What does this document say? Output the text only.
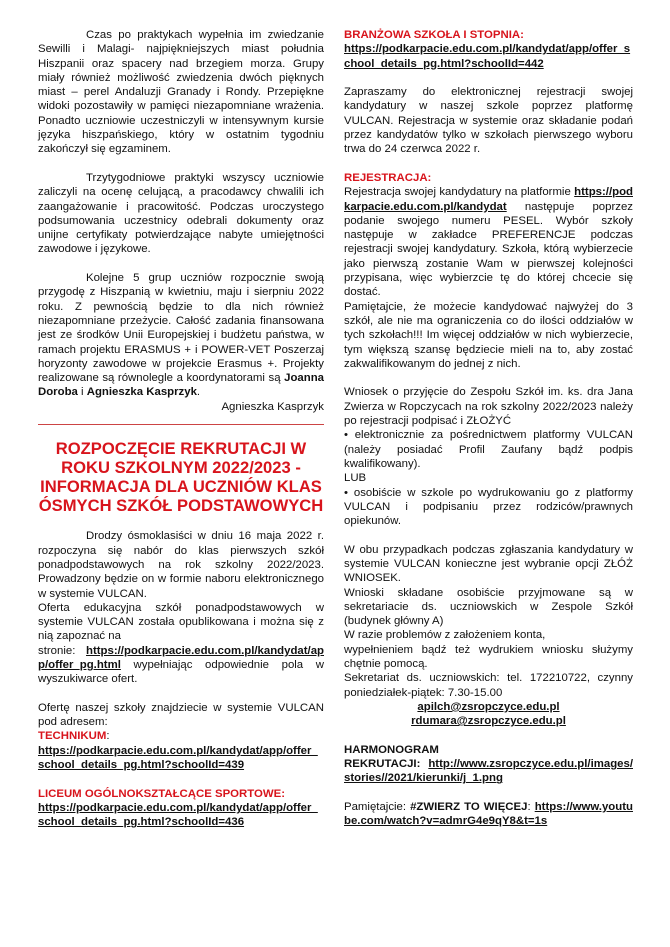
Czas po praktykach wypełnia im zwiedzanie Sewilli i Malagi- najpiękniejszych miast południa Hiszpanii oraz spacery nad brzegiem morza. Grupy miały również możliwość zwiedzenia dwóch pięknych miast – perel Andaluzji Granady i Rondy. Przepiękne widoki pozostawiły w pamięci niezapomniane wrażenia. Ponadto uczniowie uczestniczyli w intensywnym kursie języka hiszpańskiego, który w ostatnim tygodniu zakończył się egzaminem.

Trzytygodniowe praktyki wszyscy uczniowie zaliczyli na ocenę celującą, a pracodawcy chwalili ich zaangażowanie i pracowitość. Podczas uroczystego podsumowania uczestnicy odebrali dokumenty oraz unijne certyfikaty potwierdzające nabyte umiejętności zawodowe i językowe.

Kolejne 5 grup uczniów rozpocznie swoją przygodę z Hiszpanią w kwietniu, maju i sierpniu 2022 roku. Z pewnością będzie to dla nich również niezapomniane przeżycie. Całość zadania finansowana jest ze środków Unii Europejskiej i budżetu państwa, w ramach projektu ERASMUS + i POWER-VET Poszerzaj horyzonty zawodowe w projekcie Erasmus +. Projekty realizowane są równolegle a koordynatorami są Joanna Doroba i Agnieszka Kasprzyk.

Agnieszka Kasprzyk

ROZPOCZĘCIE REKRUTACJI W ROKU SZKOLNYM 2022/2023 - INFORMACJA DLA UCZNIÓW KLAS ÓSMYCH SZKÓŁ PODSTAWOWYCH

Drodzy ósmoklasiści w dniu 16 maja 2022 r. rozpoczyna się nabór do klas pierwszych szkół ponadpodstawowych na rok szkolny 2022/2023. Prowadzony będzie on w formie naboru elektronicznego w systemie VULCAN.

Oferta edukacyjna szkół ponadpodstawowych w systemie VULCAN została opublikowana i można się z nią zapoznać na

stronie: https://podkarpacie.edu.com.pl/kandydat/app/offer_pg.html wypełniając odpowiednie pola w wyszukiwarce ofert.

Ofertę naszej szkoły znajdziecie w systemie VULCAN pod adresem:

TECHNIKUM:

https://podkarpacie.edu.com.pl/kandydat/app/offer_school_details_pg.html?schoolId=439

LICEUM OGÓLNOKSZTAŁCĄCE SPORTOWE:

https://podkarpacie.edu.com.pl/kandydat/app/offer_school_details_pg.html?schoolId=436

BRANŻOWA SZKOŁA I STOPNIA:

https://podkarpacie.edu.com.pl/kandydat/app/offer_school_details_pg.html?schoolId=442

Zapraszamy do elektronicznej rejestracji swojej kandydatury w naszej szkole poprzez platformę VULCAN. Rejestracja w systemie oraz składanie podań przez kandydatów tylko w szkołach pierwszego wyboru trwa do 24 czerwca 2022 r.

REJESTRACJA:

Rejestracja swojej kandydatury na platformie https://podkarpacie.edu.com.pl/kandydat następuje poprzez podanie swojego numeru PESEL. Wybór szkoły następuje w zakładce PREFERENCJE podczas rejestracji swojej kandydatury. Szkoła, którą wybierzecie jako pierwszą zostanie Wam w pierwszej kolejności przypisana, więc wybierzcie tę do której chcecie się dostać.

Pamiętajcie, że możecie kandydować najwyżej do 3 szkół, ale nie ma ograniczenia co do ilości oddziałów w tych szkołach!!! Im więcej oddziałów w nich wybierzecie, tym większą szansę będziecie mieli na to, aby zostać zakwalifikowanym do jednej z nich.

Wniosek o przyjęcie do Zespołu Szkół im. ks. dra Jana Zwierza w Ropczycach na rok szkolny 2022/2023 należy po rejestracji podpisać i ZŁOŻYĆ

• elektronicznie za pośrednictwem platformy VULCAN (należy posiadać Profil Zaufany bądź podpis kwalifikowany).

LUB

• osobiście w szkole po wydrukowaniu go z platformy VULCAN i podpisaniu przez rodziców/prawnych opiekunów.

W obu przypadkach podczas zgłaszania kandydatury w systemie VULCAN konieczne jest wybranie opcji ZŁÓŻ WNIOSEK.

Wnioski składane osobiście przyjmowane są w sekretariacie ds. uczniowskich w Zespole Szkół (budynek główny A)

W razie problemów z założeniem konta,

wypełnieniem bądź też wydrukiem wniosku służymy chętnie pomocą.

Sekretariat ds. uczniowskich: tel. 172210722, czynny poniedziałek-piątek: 7.30-15.00

apilch@zsropczyce.edu.pl

rdumara@zsropczyce.edu.pl

HARMONOGRAM

REKRUTACJI: http://www.zsropczyce.edu.pl/images/stories//2021/kierunki/j_1.png

Pamiętajcie: #ZWIERZ TO WIĘCEJ: https://www.youtube.com/watch?v=admrG4e9qY8&t=1s
